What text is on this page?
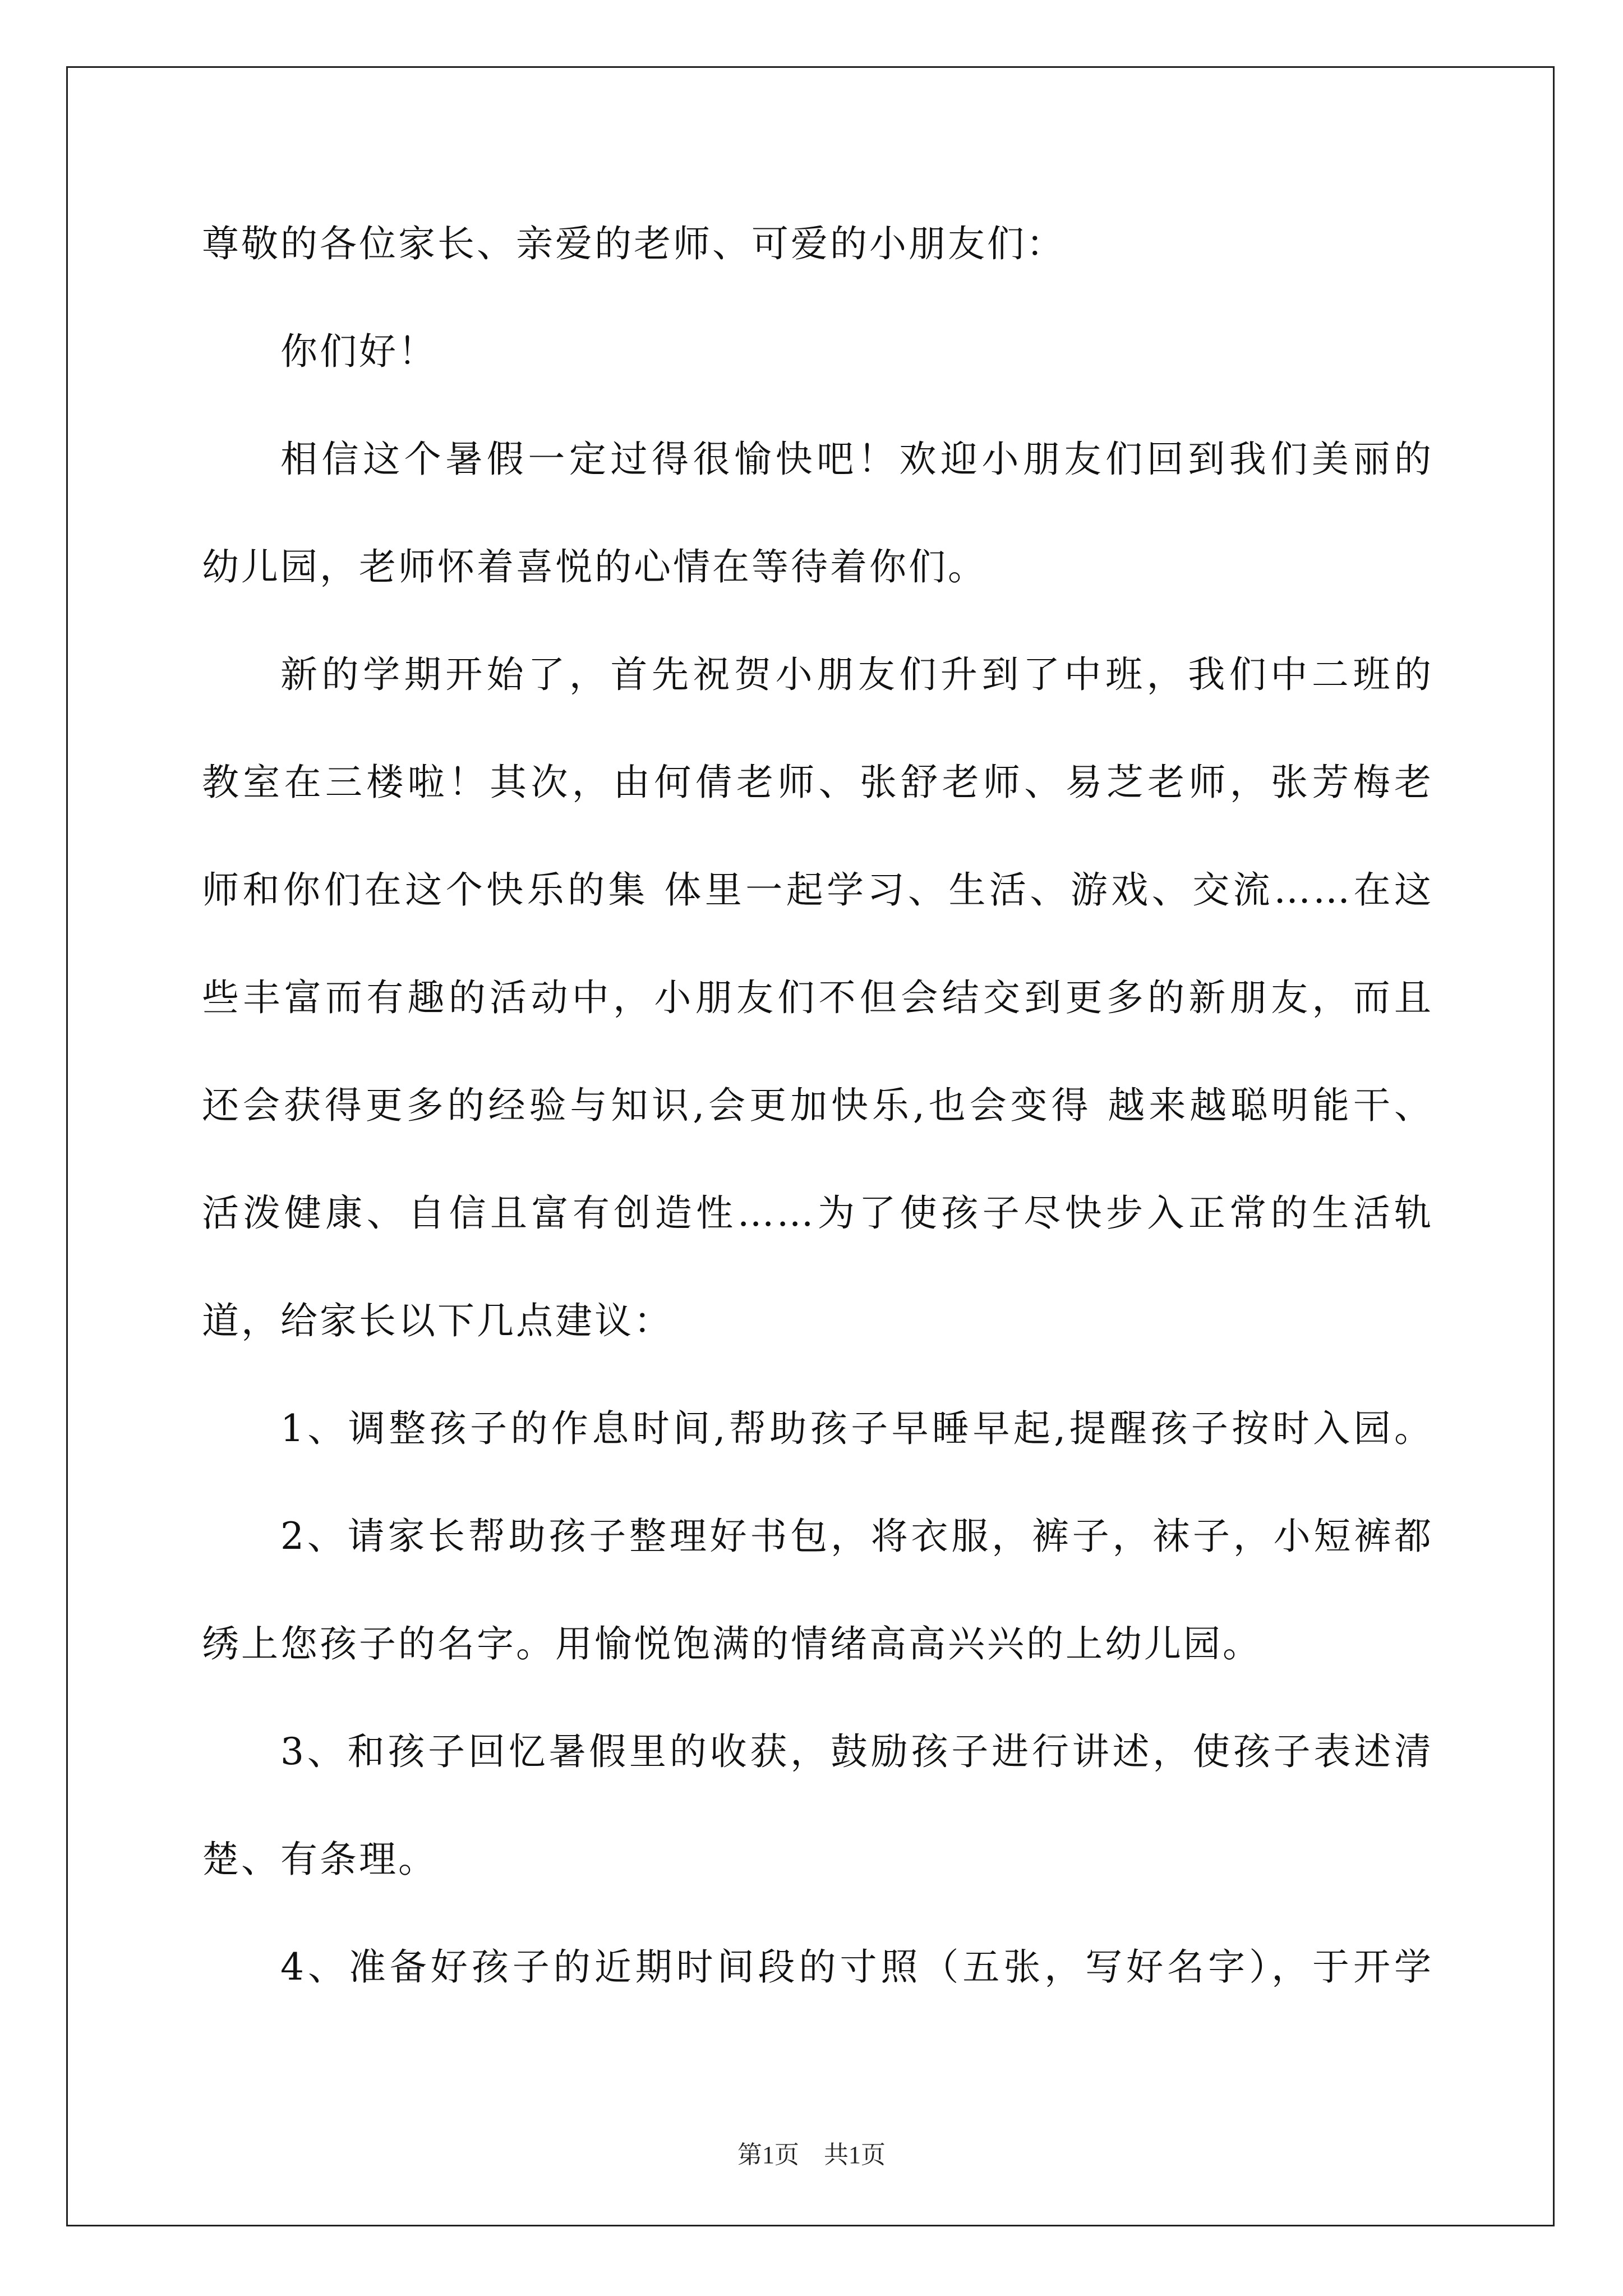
尊敬的各位家长、亲爱的老师、可爱的小朋友们：
你们好！
相信这个暑假一定过得很愉快吧！欢迎小朋友们回到我们美丽的
幼儿园，老师怀着喜悦的心情在等待着你们。
新的学期开始了，首先祝贺小朋友们升到了中班，我们中二班的
教室在三楼啦！其次，由何倩老师、张舒老师、易芝老师，张芳梅老
师和你们在这个快乐的集 体里一起学习、生活、游戏、交流……在这
些丰富而有趣的活动中，小朋友们不但会结交到更多的新朋友，而且
还会获得更多的经验与知识,会更加快乐,也会变得 越来越聪明能干、
活泼健康、自信且富有创造性……为了使孩子尽快步入正常的生活轨
道，给家长以下几点建议：
1、调整孩子的作息时间,帮助孩子早睡早起,提醒孩子按时入园。
2、请家长帮助孩子整理好书包，将衣服，裤子，袜子，小短裤都
绣上您孩子的名字。用愉悦饱满的情绪高高兴兴的上幼儿园。
3、和孩子回忆暑假里的收获，鼓励孩子进行讲述，使孩子表述清
楚、有条理。
4、准备好孩子的近期时间段的寸照（五张，写好名字），于开学
第1页　共1页
